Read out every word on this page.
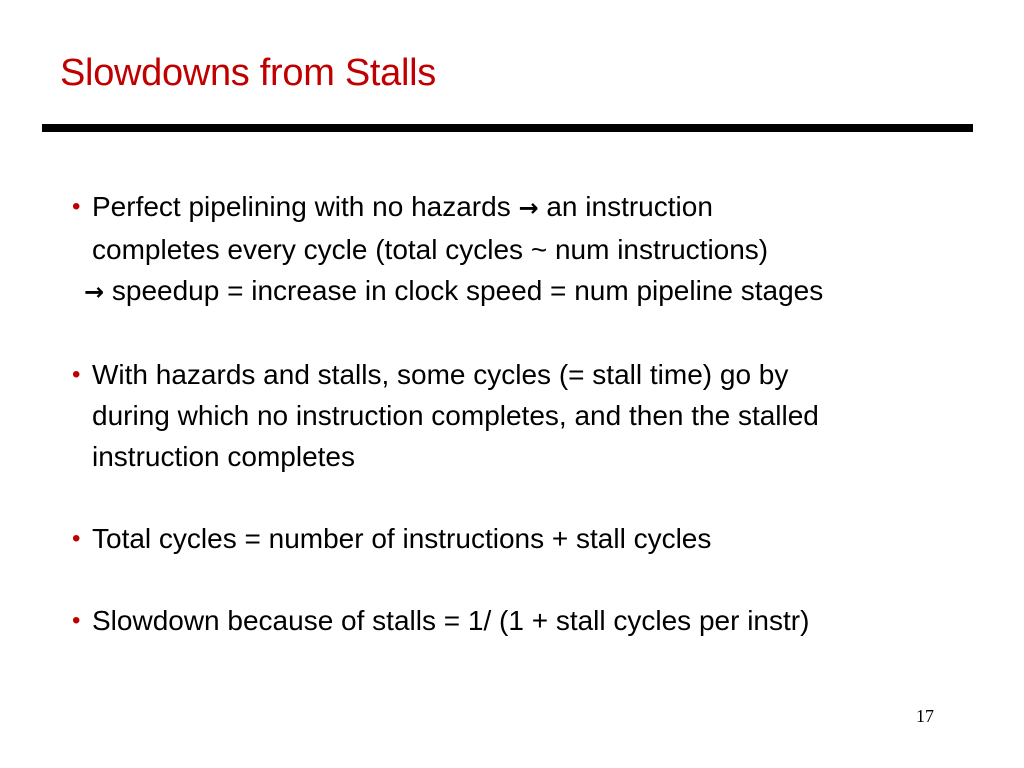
Slowdowns from Stalls
• Perfect pipelining with no hazards → an instruction
completes every cycle (total cycles ~ num instructions)
→ speedup = increase in clock speed = num pipeline stages
• With hazards and stalls, some cycles (= stall time) go by
during which no instruction completes, and then the stalled
instruction completes
• Total cycles = number of instructions + stall cycles
• Slowdown because of stalls = 1/ (1 + stall cycles per instr)
17
